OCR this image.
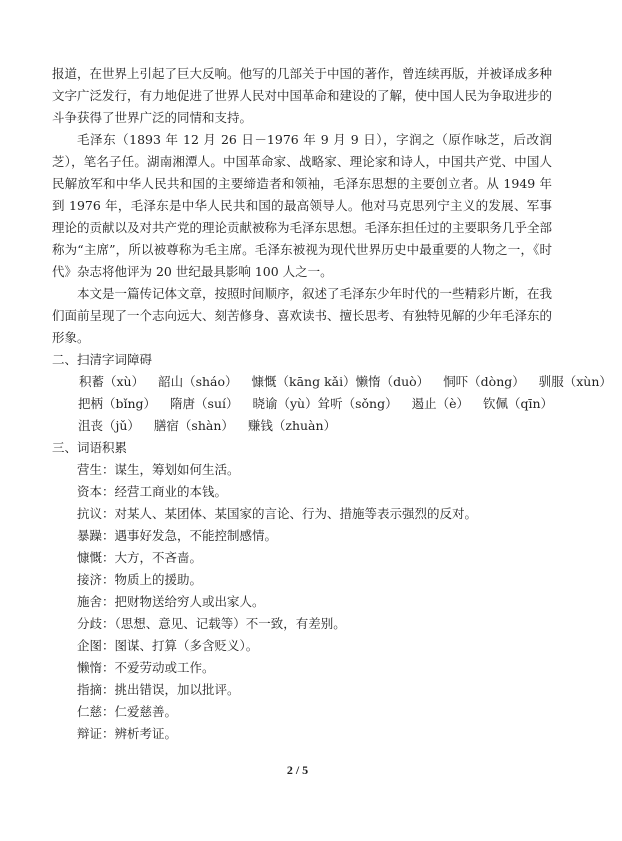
报道，在世界上引起了巨大反响。他写的几部关于中国的著作，曾连续再版，并被译成多种文字广泛发行，有力地促进了世界人民对中国革命和建设的了解，使中国人民为争取进步的斗争获得了世界广泛的同情和支持。

毛泽东（1893 年 12 月 26 日－1976 年 9 月 9 日），字润之（原作咏芝，后改润芝），笔名子任。湖南湘潭人。中国革命家、战略家、理论家和诗人，中国共产党、中国人民解放军和中华人民共和国的主要缔造者和领袖，毛泽东思想的主要创立者。从 1949 年到 1976 年，毛泽东是中华人民共和国的最高领导人。他对马克思列宁主义的发展、军事理论的贡献以及对共产党的理论贡献被称为毛泽东思想。毛泽东担任过的主要职务几乎全部称为“主席”，所以被尊称为毛主席。毛泽东被视为现代世界历史中最重要的人物之一，《时代》杂志将他评为 20 世纪最具影响 100 人之一。

本文是一篇传记体文章，按照时间顺序，叙述了毛泽东少年时代的一些精彩片断，在我们面前呈现了一个志向远大、刻苦修身、喜欢读书、擅长思考、有独特见解的少年毛泽东的形象。

二、扫清字词障碍

积蓄（xù） 韶山（sháo） 慷慨（kāng kǎi）懒惰（duò） 恫吓（dòng） 驯服（xùn）

把柄（bǐng） 隋唐（suí） 晓谕（yù）耸听（sǒng） 遏止（è） 钦佩（qīn）

沮丧（jǔ） 膳宿（shàn） 赚钱（zhuàn）

三、词语积累

营生：谋生，筹划如何生活。

资本：经营工商业的本钱。

抗议：对某人、某团体、某国家的言论、行为、措施等表示强烈的反对。

暴躁：遇事好发急，不能控制感情。

慷慨：大方，不吝啬。

接济：物质上的援助。

施舍：把财物送给穷人或出家人。

分歧：（思想、意见、记载等）不一致，有差别。

企图：图谋、打算（多含贬义）。

懒惰：不爱劳动或工作。

指摘：挑出错误，加以批评。

仁慈：仁爱慈善。

辩证：辨析考证。

2 / 5
